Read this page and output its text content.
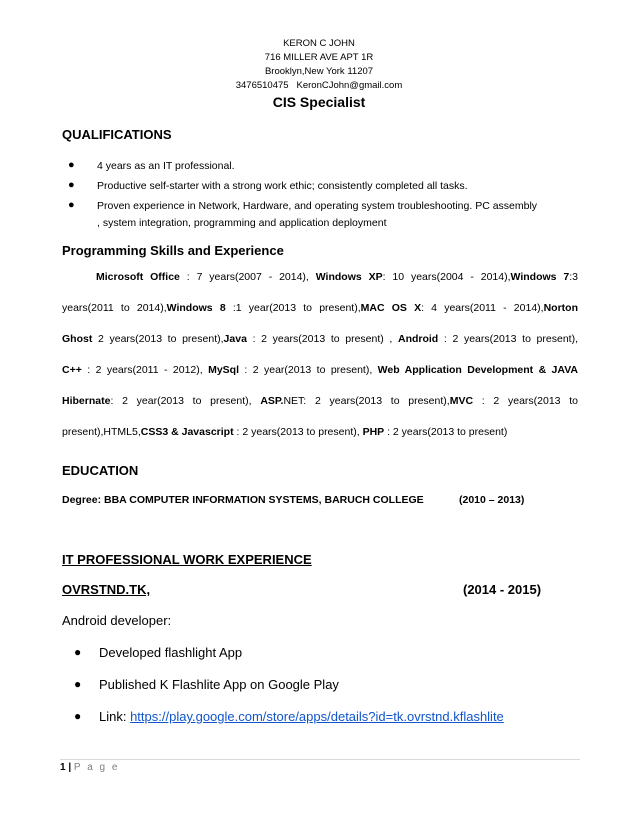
KERON C JOHN
716 MILLER AVE APT 1R
Brooklyn,New York 11207
3476510475 KeronCJohn@gmail.com
CIS Specialist
QUALIFICATIONS
● 4 years as an IT professional.
● Productive self-starter with a strong work ethic; consistently completed all tasks.
● Proven experience in Network, Hardware, and operating system troubleshooting. PC assembly
, system integration, programming and application deployment
Programming Skills and Experience
Microsoft Office : 7 years(2007 - 2014), Windows XP: 10 years(2004 - 2014),Windows 7:3
years(2011 to 2014),Windows 8 :1 year(2013 to present),MAC OS X: 4 years(2011 - 2014),Norton
Ghost 2 years(2013 to present),Java : 2 years(2013 to present) , Android : 2 years(2013 to present),
C++ : 2 years(2011 - 2012), MySql : 2 year(2013 to present), Web Application Development & JAVA
Hibernate: 2 year(2013 to present), ASP.NET: 2 years(2013 to present),MVC : 2 years(2013 to
present),HTML5,CSS3 & Javascript : 2 years(2013 to present), PHP : 2 years(2013 to present)
EDUCATION
Degree: BBA COMPUTER INFORMATION SYSTEMS, BARUCH COLLEGE	(2010 – 2013)
IT PROFESSIONAL WORK EXPERIENCE
OVRSTND.TK,	(2014 - 2015)
Android developer:
● Developed flashlight App
● Published K Flashlite App on Google Play
● Link: https://play.google.com/store/apps/details?id=tk.ovrstnd.kflashlite
1 | P a g e
